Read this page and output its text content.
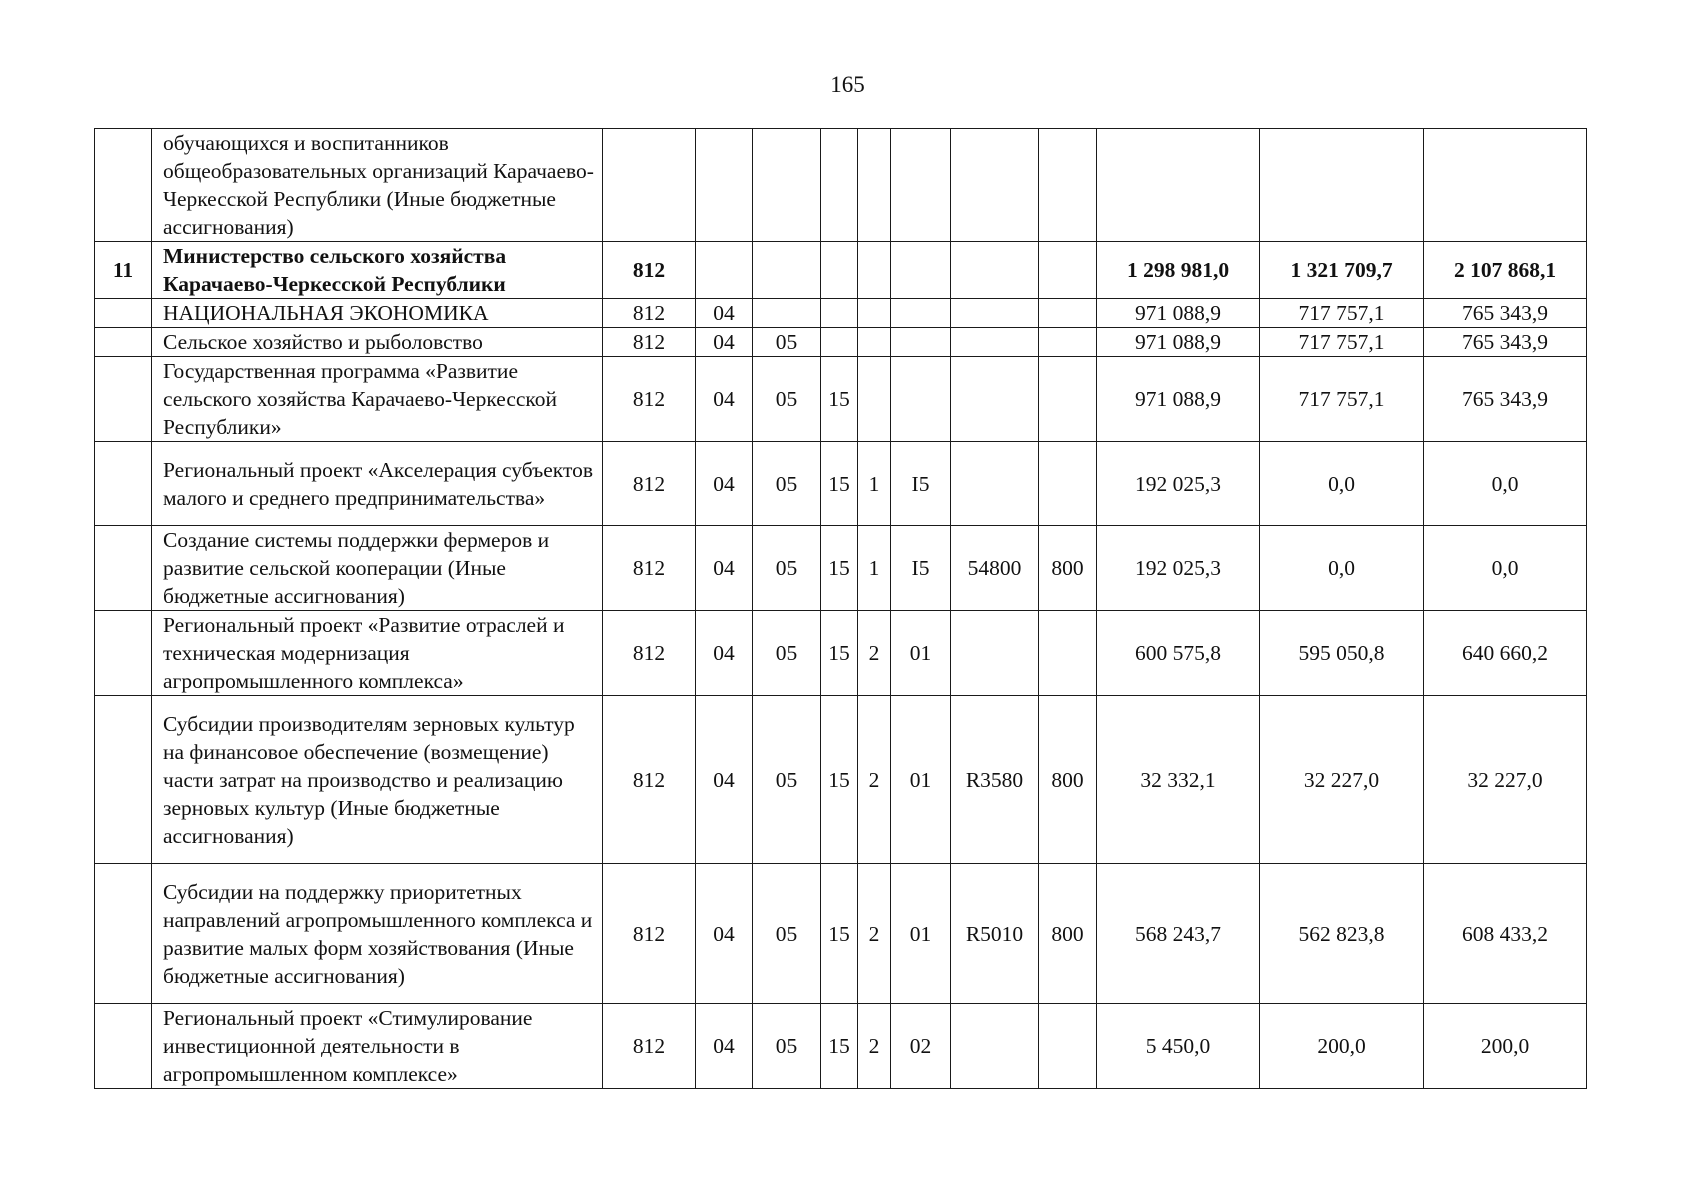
165
	обучающихся и воспитанников общеобразовательных организаций Карачаево-Черкесской Республики (Иные бюджетные ассигнования)											
11	Министерство сельского хозяйства Карачаево-Черкесской Республики	812								1 298 981,0	1 321 709,7	2 107 868,1
	НАЦИОНАЛЬНАЯ ЭКОНОМИКА	812	04							971 088,9	717 757,1	765 343,9
	Сельское хозяйство и рыболовство	812	04	05						971 088,9	717 757,1	765 343,9
	Государственная программа «Развитие сельского хозяйства Карачаево-Черкесской Республики»	812	04	05	15					971 088,9	717 757,1	765 343,9
	Региональный проект «Акселерация субъектов малого и среднего предпринимательства»	812	04	05	15	1	I5			192 025,3	0,0	0,0
	Создание системы поддержки фермеров и развитие сельской кооперации (Иные бюджетные ассигнования)	812	04	05	15	1	I5	54800	800	192 025,3	0,0	0,0
	Региональный проект «Развитие отраслей и техническая модернизация агропромышленного комплекса»	812	04	05	15	2	01			600 575,8	595 050,8	640 660,2
	Субсидии производителям зерновых культур на финансовое обеспечение (возмещение) части затрат на производство и реализацию зерновых культур (Иные бюджетные ассигнования)	812	04	05	15	2	01	R3580	800	32 332,1	32 227,0	32 227,0
	Субсидии на поддержку приоритетных направлений агропромышленного комплекса и развитие малых форм хозяйствования (Иные бюджетные ассигнования)	812	04	05	15	2	01	R5010	800	568 243,7	562 823,8	608 433,2
	Региональный проект «Стимулирование инвестиционной деятельности в агропромышленном комплексе»	812	04	05	15	2	02			5 450,0	200,0	200,0
